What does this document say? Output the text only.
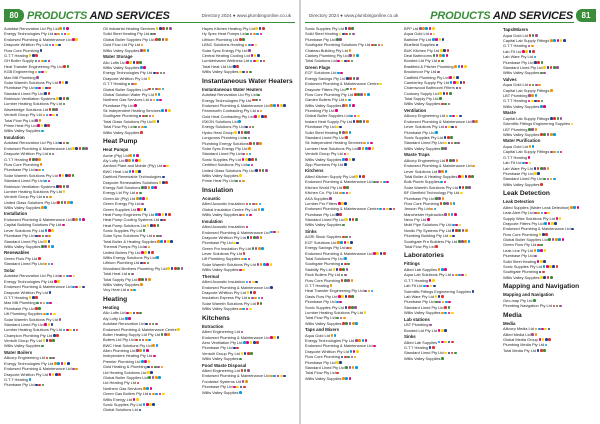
80 PRODUCTS AND SERVICES	Directory 2024 ● www.plumbingonline.co.uk
Autofast Renovation Ltd Pty Ltd
Energy Technologies Pty Ltd
Endorsed Plumbing & Maintenance Ltd
Draycote Whittlon Pty Ltd
Flow Core Plumbing
G.T.T Heating
GH Boiler Supply
Heat Transfer Engineering Pty Ltd
KGB Engineering
Max Mill Plumbing
Solar Warmth Solutions Pty Ltd
Plumbase Pty Ltd
Standard Lined Pty Ltd
Robinson Ventilation Systems
Lumber Heating Solutions Pty Ltd
Wavebridge Solutions Ltd
Ventolit Group Pty Ltd
Total Flow Pty Ltd
Prime Heat Pty Ltd
Willis Valley Supplies
Insulation
Autofast Renovation Ltd Pty Ltd
Endorsed Plumbing & Maintenance Ltd
Draycote Whittlon Pty Ltd
G.T.T Heating
Flow Core Plumbing
Plumbase Pty Ltd
Solar Warmth Solutions Pty Ltd
Standard Lined Pty Ltd
Robinson Ventilation Systems
Lumber Heating Solutions Pty Ltd
Ventolit Group Pty Ltd
United Glass Solutions Pty Ltd
Willis Valley Supplies
Installation
Endorsed Plumbing & Maintenance Ltd
Capital Building Solutions Pty Ltd
Lever Solutions Pty Ltd
Plumbase Pty Ltd
Standard Lined Pty Ltd
Willis Valley Supplies
Renewables
Green Flow Pty Ltd
Standard Lined Pty Ltd
Solar
Autofast Renovation Ltd Pty Ltd
Energy Technologies Pty Ltd
Endorsed Plumbing & Maintenance Ltd
Draycote Whittlon Pty Ltd
G.T.T Heating
Max Mill Plumbing
Plumbase Pty Ltd
Lift Plumbing Supplies
Solar Warmth Solutions Pty Ltd
Standard Lined Pty Ltd
Lumber Heating Solutions Pty Ltd
Champion Plumbing Pty Ltd
Ventolit Group Pty Ltd
Willis Valley Supplies
Water Boilers
Allicorp Engineering Ltd
Energy Technologies Pty Ltd
Endorsed Plumbing & Maintenance Ltd
Draycote Whittlon Pty Ltd
G.T.T Heating
Plumbase Pty Ltd
Oil Industrial Heating Services
Solid Steel Heating Pty Ltd
Global Boiler Supplies Pty Ltd
Gold Flow Ltd Pty Ltd
Willis Valley Supplies
Water Storage
Allo Lofts Ltd
Willis Valley Supplies
Energy Technologies Pty Ltd
Draycote Whittlon Pty Ltd
G.T.T Heating
Global Boiler Supplies Ltd
Global Solution Water Pty Ltd
Northern Gas Services Ltd
Plumbase Pty Ltd
Sk Independent Heating Services
Southgate Plumbing
Total Glass Solutions Pty Ltd
Total Flow Pty Ltd
Willis Valley Supplies
Heat Pump
Heat Pumps
Acme (Pty) Ltd
Aly Lofty Ltd
Ashford Plant and Mobile (Pty) Ltd
BWC Heat Ltd
Dartford Renewable Technologies
Draycote Renewables Solutions
Energy Soft Solutions
Energy Ltd Pty Ltd
Green Air (Pty) Ltd
Green Energy Pty Ltd
Green Supplies Ltd
Heat Pump Engineers Pty Ltd
Heat Pump Cooling Systems Ltd
Heat Pump Solutions Ltd
Sonic Supplies Pty Ltd
Solar Sync Solutions Pty Ltd
Total Boiler & Heating Supplies
Thermal Pumps Pty Ltd
United Boilers Pty Ltd
Willis Energy Solutions Pty Ltd
Lithium Plumbing Ltd
Woodland Brothers Plumbing Pty Ltd
Total Heat Ltd
Total Supply Pty Ltd
Willis Valley Supplies
Vicy Heat Ltd
Heating
Heating
Allo Lofts Ltd
Aly Lofty Ltd
Autofast Renovation Ltd
Endorsed Plumbing & Maintenance Centre
Boiler Heating Supply Ltd Pty Ltd
Boilers Ltd Pty Ltd
BWC Heat Solutions Pty Ltd
Allen Plumbing Ltd
Independent Heating Pty Ltd
Premier Plumbing Ltd
Gold Heating & Plumbing
Ltd Heating Solutions Ltd
Global Boiler Supplies Ltd
Ltd Heating Pty Ltd
Northern Gas Services
Green Gas Boilers Pty Ltd
Willis Energy Ltd
Sonic Supplies Pty Ltd
Global Solutions Ltd
Hayes Kitchen Heating Pty Ltd
Hy Spec Heat Pumps Ltd
Lithium Plumbing Ltd
LBNC Solutions Heating
Solar Sync Energy Pty Ltd
Central Heating Cooling Ltd
Lumberhaven Wellness Ltd
Total Heat Ltd Ltd
Willis Valley Supplies
Instantaneous Water Heaters
Instantaneous Water Heaters
Autofast Renovation Ltd Pty Ltd
Energy Technologies Pty Ltd
Endorsed Plumbing & Maintenance Ltd
Fearnworth Contracting Pty Ltd
Gold Heat Contracting Pty Ltd
ISKON Solutions Ltd
Energy Solutions Pty Ltd
Hydro Heat Group
Longcross Plumbing Ltd
Plumbing Energy Solutions
Solar Sync Energy Pty Ltd
Standard Lined Pty Ltd
Sonic Supplies Pty Ltd
Certified Solutions Pty Ltd
United Glass Solutions Pty Ltd
Willis Valley Supplies
Prime Heat Pty Ltd
Insulation
Acoustic
Allied Acoustic Insulation
Global Insulation Centre Pty Ltd
Willis Valley Supplies
Insulation
Allied Acoustic Insulation
Endorsed Plumbing & Maintenance Ltd
Draycote Whittlon Pty Ltd
Plumbase Pty Ltd
Green Pro Insulation Pty Ltd
Lever Solutions Pty Ltd
Lift Plumbing Supplies
Solar Warmth Solutions Pty Ltd
Willis Valley Supplies
Thermal
Allied Acoustic Insulation
Endorsed Plumbing & Maintenance Ltd
Draycote Whittlon Pty Ltd
Insulation Express Pty Ltd
Solar Warmth Solutions Pty Ltd
Willis Valley Supplies
Kitchens
Extraction
Allied Engineering Ltd
Endorsed Plumbing & Maintenance Ltd
Aero Ventilation Pty Ltd
Plumbase Pty Ltd
Ventolit Group Pty Ltd
Willis Valley Supplies
Food Waste Disposal
Allied Engineering Ltd
Endorsed Plumbing & Maintenance Ltd
Foodwise Systems Ltd
Plumbase Pty Ltd
Willis Valley Supplies
81
PRODUCTS AND SERVICES
Directory 2024 ● www.plumbingonline.co.uk
Sonic Supplies Pty Ltd
Solid Steel Heating
Plumbase Pty Ltd
Southgate Plumbing Solutions Pty Ltd
Chateau Building Pty Ltd
Clarkey Plumbing Pty Ltd
Total Solutions Ltd
Green Flags
ECF Solutions Ltd
Energy Savings Pty Ltd
Endorsed Plumbing & Maintenance Centre
Draycote Fitters Pty Ltd
Flow Core Plumbing Pty Ltd
Garden Boilers Pty Ltd
Willis Valley Supplies
Plumbing Pty Ltd
Global Boiler Supplies Ltd
Instant Heat Supply Pty Ltd
Plumbase Pty Ltd
Solid Steel Heating
Standard Lined Pty Ltd
Sk Independent Heating Services
Lumber Heat Solutions Pty Ltd
Ventolit Group Pty Ltd
Willis Valley Supplies
Zipp Plumbers Pty Ltd
Kitchens
Allied Kitchen Supply Pty Ltd
Endorsed Plumbing & Maintenance Ltd
Kitchen World Pty Ltd
Kitchen Co. Pty Ltd
AKA Supplies
Lumber Pro Fitters
Endorsed Plumbing & Maintenance Centre
Plumbase Pty Ltd
Standard Lined Pty Ltd
Willis Valley Supplies
Sinks
AGRI Stock Supplies
ECF Solutions Ltd
Energy Savings Pty Ltd
Endorsed Plumbing & Maintenance Ltd
Total Solutions Pty Ltd
Southgate Plumbing
Stability Pty Ltd
Rock Boilers Pty Ltd
Flow Core Plumbing
G.T.T Heating
Heat Transfer Engineering Pty Ltd
Oasis Flow Pty Ltd
Plumbase Pty Ltd
Sonic Supplies Pty Ltd
Lumber Heating Solutions Pty Ltd
Total Flow Pty Ltd
Willis Valley Supplies
Taps and Mixers
Aqua Gold Ltd
Energy Technologies Pty Ltd
Endorsed Plumbing & Maintenance Ltd
Draycote Whittlon Pty Ltd
Flow Core Plumbing
Plumbase Pty Ltd
Standard Lined Pty Ltd
Total Flow Pty Ltd
Willis Valley Supplies
BPP Ltd
Aqua Gold Ltd
Bathline Pty Ltd
Bluefield Supplies
BUK Kitchen Pty Ltd
Deal Bathrooms
Bonded Ltd Pty Ltd
Bradfield & Pitcher Plumbing
Brookmoor Pty Ltd
Cadfield Plumbing Pty Ltd
Camberley Supply Pty Ltd
Charmwood Bathroom Fitters
Cooksey Supply Ltd
Total Supply Pty Ltd
Willis Valley Supplies
Ventilation
Allicorp Engineering Ltd
Endorsed Plumbing & Maintenance Ltd
Lever Solutions Pty Ltd
Plumbase Pty Ltd
Sonic Supplies Pty Ltd
Standard Lined Pty Ltd
Willis Valley Supplies
Waste Traps
Allicorp Engineering Ltd
Endorsed Plumbing & Maintenance Ltd
Lever Solutions Ltd
Total Boiler & Heating Supplies
Bulk Plumb Supplies
Solar Warmth Solutions Pty Ltd
BF Glenfield Technology Pty Ltd
Plumbase Pty Ltd
Flow Core Plumbing
Jenson Pty Ltd
Manchester Hydraulics
Nexo Pty Ltd
Multi Pipe Solutions Pty Ltd
Nordic Pty Systems Pty Ltd
Plumbing Building Pty Ltd
Southgate Pro Builders Pty Ltd
Total Flow Pty Ltd
Laboratories
Fittings
Allied Lab Supplies
Aqua Lab Solutions Pty Ltd
G.T.T Heating
Lab Fit Ltd
Scientific Fittings Engineering Supplies
Lab Ware Pty Ltd
Plumbase Pty Ltd
Standard Lined Pty Ltd
Willis Valley Supplies
Lab stations
LBT Plumbing
Bonded Ltd Pty Ltd
Sinks
Allied Lab Supplies
G.T.T Heating
Standard Lined Pty Ltd
Willis Valley Supplies
Taps/Mixers
Aqua Gold Ltd
Capital Lab Supply Fittings
G.T.T Heating
Lab Fit Ltd
Lab Ware Pty Ltd
Plumbase Pty Ltd
Standard Lined Pty Ltd
Willis Valley Supplies
Valves
Aqua Gold Ltd
Capital Lab Supply Fittings
LBT Plumbing
G.T.T Heating
Willis Valley Supplies
Waste
Capital Lab Supply Fittings
Scientific Fittings Engineering Supplies
LBT Plumbing
Willis Valley Supplies
Water Purification
Aqua Gold Ltd
Capital Lab Supply Fittings
G.T.T Heating
Lab Fit Ltd
Lab Ware Pty Ltd
Plumbase Pty Ltd
Standard Lined Pty Ltd
Willis Valley Supplies
Leak Detection
Leak Detection
Allied Supplies (Water Leak Detection)
Leak Alert Pty Ltd
Supply Wise Solutions Pty Ltd
Draycote Fitters Pty Ltd
Endorsed Plumbing & Maintenance Ltd
Flow Core Plumbing
Global Boiler Supplies Ltd
Green Flow Pty Ltd
Leak Line Pty Ltd
Plumbase Pty Ltd
Solid Steel Heating
Sonic Supplies Pty Ltd
Southgate Plumbing
Willis Valley Supplies
Mapping and Navigation
Mapping and Navigation
Geo-map Pty Ltd
Plumbing Navigation Pty Ltd
Media
Media
Allicorp Media Ltd
Allied Media Ltd
Global Media Group
Plumbing Media Pty Ltd
Total Media Pty Ltd
